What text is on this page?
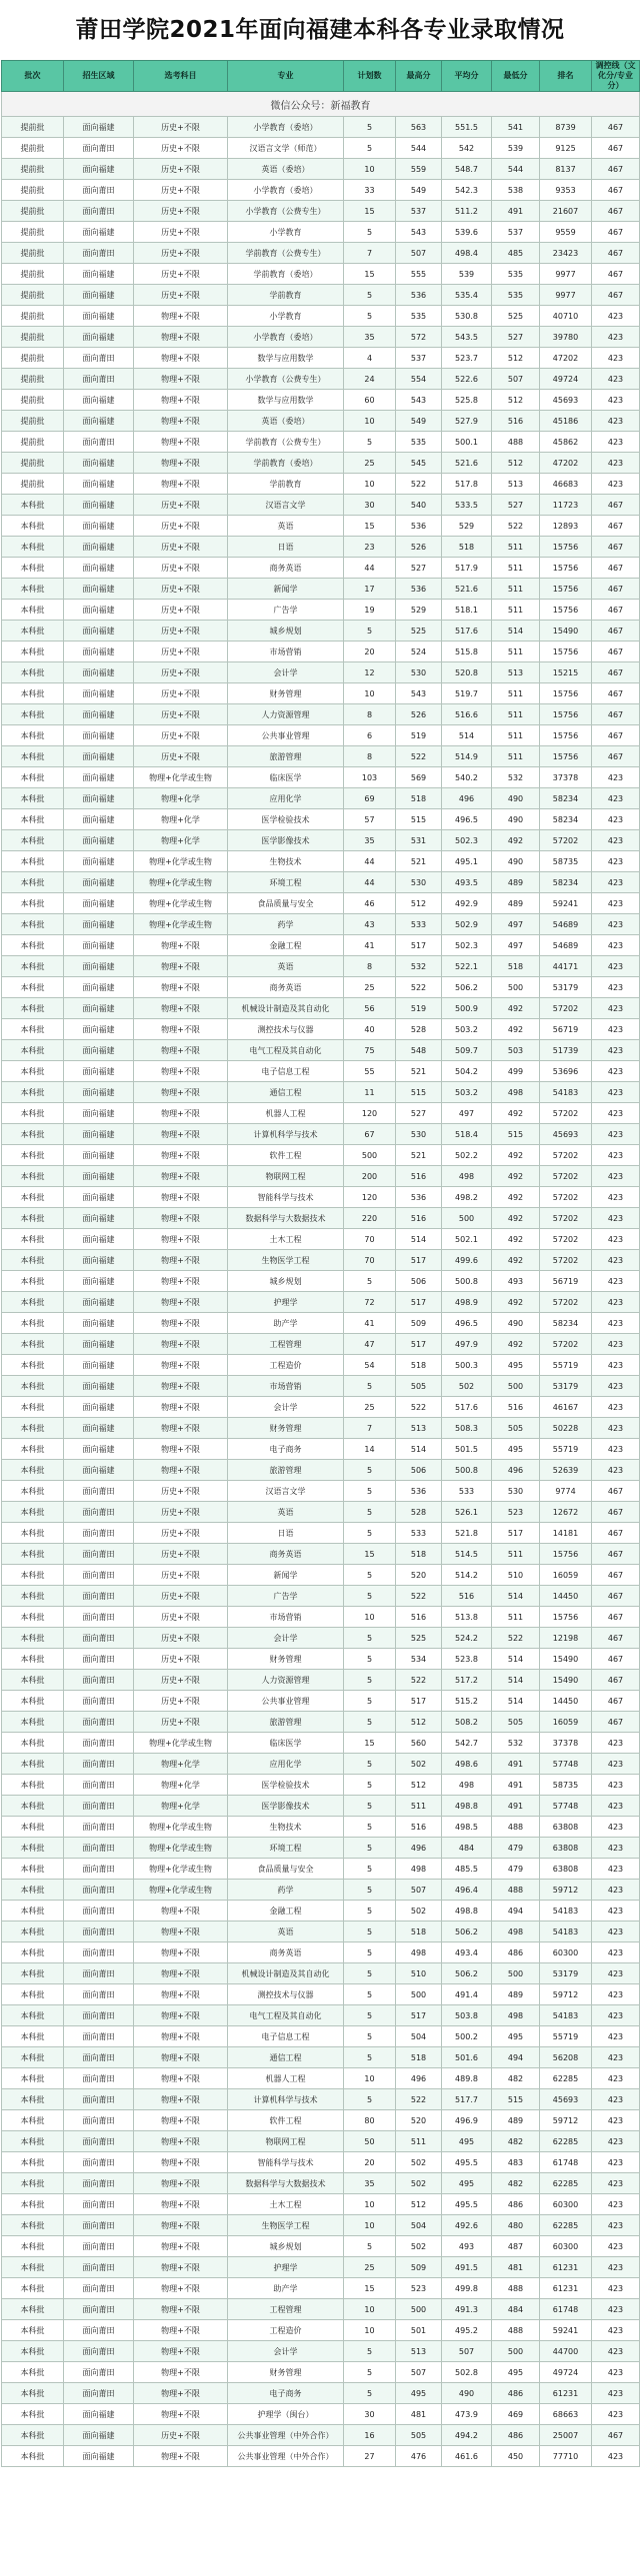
莆田学院2021年面向福建本科各专业录取情况
批次	招生区域	选考科目	专业	计划数	最高分	平均分	最低分	排名	调控线（文化分/专业分）
微信公众号：新福教育									
提前批	面向福建	历史+不限	小学教育（委培）	5	563	551.5	541	8739	467
提前批	面向莆田	历史+不限	汉语言文学（师范）	5	544	542	539	9125	467
提前批	面向福建	历史+不限	英语（委培）	10	559	548.7	544	8137	467
提前批	面向莆田	历史+不限	小学教育（委培）	33	549	542.3	538	9353	467
提前批	面向莆田	历史+不限	小学教育（公费专生）	15	537	511.2	491	21607	467
提前批	面向福建	历史+不限	小学教育	5	543	539.6	537	9559	467
提前批	面向莆田	历史+不限	学前教育（公费专生）	7	507	498.4	485	23423	467
提前批	面向福建	历史+不限	学前教育（委培）	15	555	539	535	9977	467
提前批	面向福建	历史+不限	学前教育	5	536	535.4	535	9977	467
提前批	面向福建	物理+不限	小学教育	5	535	530.8	525	40710	423
提前批	面向福建	物理+不限	小学教育（委培）	35	572	543.5	527	39780	423
提前批	面向莆田	物理+不限	数学与应用数学	4	537	523.7	512	47202	423
提前批	面向莆田	物理+不限	小学教育（公费专生）	24	554	522.6	507	49724	423
提前批	面向福建	物理+不限	数学与应用数学	60	543	525.8	512	45693	423
提前批	面向福建	物理+不限	英语（委培）	10	549	527.9	516	45186	423
提前批	面向莆田	物理+不限	学前教育（公费专生）	5	535	500.1	488	45862	423
提前批	面向福建	物理+不限	学前教育（委培）	25	545	521.6	512	47202	423
提前批	面向福建	物理+不限	学前教育	10	522	517.8	513	46683	423
本科批	面向福建	历史+不限	汉语言文学	30	540	533.5	527	11723	467
本科批	面向福建	历史+不限	英语	15	536	529	522	12893	467
本科批	面向福建	历史+不限	日语	23	526	518	511	15756	467
本科批	面向福建	历史+不限	商务英语	44	527	517.9	511	15756	467
本科批	面向福建	历史+不限	新闻学	17	536	521.6	511	15756	467
本科批	面向福建	历史+不限	广告学	19	529	518.1	511	15756	467
本科批	面向福建	历史+不限	城乡规划	5	525	517.6	514	15490	467
本科批	面向福建	历史+不限	市场营销	20	524	515.8	511	15756	467
本科批	面向福建	历史+不限	会计学	12	530	520.8	513	15215	467
本科批	面向福建	历史+不限	财务管理	10	543	519.7	511	15756	467
本科批	面向福建	历史+不限	人力资源管理	8	526	516.6	511	15756	467
本科批	面向福建	历史+不限	公共事业管理	6	519	514	511	15756	467
本科批	面向福建	历史+不限	旅游管理	8	522	514.9	511	15756	467
本科批	面向福建	物理+化学或生物	临床医学	103	569	540.2	532	37378	423
本科批	面向福建	物理+化学	应用化学	69	518	496	490	58234	423
本科批	面向福建	物理+化学	医学检验技术	57	515	496.5	490	58234	423
本科批	面向福建	物理+化学	医学影像技术	35	531	502.3	492	57202	423
本科批	面向福建	物理+化学或生物	生物技术	44	521	495.1	490	58735	423
本科批	面向福建	物理+化学或生物	环境工程	44	530	493.5	489	58234	423
本科批	面向福建	物理+化学或生物	食品质量与安全	46	512	492.9	489	59241	423
本科批	面向福建	物理+化学或生物	药学	43	533	502.9	497	54689	423
本科批	面向福建	物理+不限	金融工程	41	517	502.3	497	54689	423
本科批	面向福建	物理+不限	英语	8	532	522.1	518	44171	423
本科批	面向福建	物理+不限	商务英语	25	522	506.2	500	53179	423
本科批	面向福建	物理+不限	机械设计制造及其自动化	56	519	500.9	492	57202	423
本科批	面向福建	物理+不限	测控技术与仪器	40	528	503.2	492	56719	423
本科批	面向福建	物理+不限	电气工程及其自动化	75	548	509.7	503	51739	423
本科批	面向福建	物理+不限	电子信息工程	55	521	504.2	499	53696	423
本科批	面向福建	物理+不限	通信工程	11	515	503.2	498	54183	423
本科批	面向福建	物理+不限	机器人工程	120	527	497	492	57202	423
本科批	面向福建	物理+不限	计算机科学与技术	67	530	518.4	515	45693	423
本科批	面向福建	物理+不限	软件工程	500	521	502.2	492	57202	423
本科批	面向福建	物理+不限	物联网工程	200	516	498	492	57202	423
本科批	面向福建	物理+不限	智能科学与技术	120	536	498.2	492	57202	423
本科批	面向福建	物理+不限	数据科学与大数据技术	220	516	500	492	57202	423
本科批	面向福建	物理+不限	土木工程	70	514	502.1	492	57202	423
本科批	面向福建	物理+不限	生物医学工程	70	517	499.6	492	57202	423
本科批	面向福建	物理+不限	城乡规划	5	506	500.8	493	56719	423
本科批	面向福建	物理+不限	护理学	72	517	498.9	492	57202	423
本科批	面向福建	物理+不限	助产学	41	509	496.5	490	58234	423
本科批	面向福建	物理+不限	工程管理	47	517	497.9	492	57202	423
本科批	面向福建	物理+不限	工程造价	54	518	500.3	495	55719	423
本科批	面向福建	物理+不限	市场营销	5	505	502	500	53179	423
本科批	面向福建	物理+不限	会计学	25	522	517.6	516	46167	423
本科批	面向福建	物理+不限	财务管理	7	513	508.3	505	50228	423
本科批	面向福建	物理+不限	电子商务	14	514	501.5	495	55719	423
本科批	面向福建	物理+不限	旅游管理	5	506	500.8	496	52639	423
本科批	面向莆田	历史+不限	汉语言文学	5	536	533	530	9774	467
本科批	面向莆田	历史+不限	英语	5	528	526.1	523	12672	467
本科批	面向莆田	历史+不限	日语	5	533	521.8	517	14181	467
本科批	面向莆田	历史+不限	商务英语	15	518	514.5	511	15756	467
本科批	面向莆田	历史+不限	新闻学	5	520	514.2	510	16059	467
本科批	面向莆田	历史+不限	广告学	5	522	516	514	14450	467
本科批	面向莆田	历史+不限	市场营销	10	516	513.8	511	15756	467
本科批	面向莆田	历史+不限	会计学	5	525	524.2	522	12198	467
本科批	面向莆田	历史+不限	财务管理	5	534	523.8	514	15490	467
本科批	面向莆田	历史+不限	人力资源管理	5	522	517.2	514	15490	467
本科批	面向莆田	历史+不限	公共事业管理	5	517	515.2	514	14450	467
本科批	面向莆田	历史+不限	旅游管理	5	512	508.2	505	16059	467
本科批	面向莆田	物理+化学或生物	临床医学	15	560	542.7	532	37378	423
本科批	面向莆田	物理+化学	应用化学	5	502	498.6	491	57748	423
本科批	面向莆田	物理+化学	医学检验技术	5	512	498	491	58735	423
本科批	面向莆田	物理+化学	医学影像技术	5	511	498.8	491	57748	423
本科批	面向莆田	物理+化学或生物	生物技术	5	516	498.5	488	63808	423
本科批	面向莆田	物理+化学或生物	环境工程	5	496	484	479	63808	423
本科批	面向莆田	物理+化学或生物	食品质量与安全	5	498	485.5	479	63808	423
本科批	面向莆田	物理+化学或生物	药学	5	507	496.4	488	59712	423
本科批	面向莆田	物理+不限	金融工程	5	502	498.8	494	54183	423
本科批	面向莆田	物理+不限	英语	5	518	506.2	498	54183	423
本科批	面向莆田	物理+不限	商务英语	5	498	493.4	486	60300	423
本科批	面向莆田	物理+不限	机械设计制造及其自动化	5	510	506.2	500	53179	423
本科批	面向莆田	物理+不限	测控技术与仪器	5	500	491.4	489	59712	423
本科批	面向莆田	物理+不限	电气工程及其自动化	5	517	503.8	498	54183	423
本科批	面向莆田	物理+不限	电子信息工程	5	504	500.2	495	55719	423
本科批	面向莆田	物理+不限	通信工程	5	518	501.6	494	56208	423
本科批	面向莆田	物理+不限	机器人工程	10	496	489.8	482	62285	423
本科批	面向莆田	物理+不限	计算机科学与技术	5	522	517.7	515	45693	423
本科批	面向莆田	物理+不限	软件工程	80	520	496.9	489	59712	423
本科批	面向莆田	物理+不限	物联网工程	50	511	495	482	62285	423
本科批	面向莆田	物理+不限	智能科学与技术	20	502	495.5	483	61748	423
本科批	面向莆田	物理+不限	数据科学与大数据技术	35	502	495	482	62285	423
本科批	面向莆田	物理+不限	土木工程	10	512	495.5	486	60300	423
本科批	面向莆田	物理+不限	生物医学工程	10	504	492.6	480	62285	423
本科批	面向莆田	物理+不限	城乡规划	5	502	493	487	60300	423
本科批	面向莆田	物理+不限	护理学	25	509	491.5	481	61231	423
本科批	面向莆田	物理+不限	助产学	15	523	499.8	488	61231	423
本科批	面向莆田	物理+不限	工程管理	10	500	491.3	484	61748	423
本科批	面向莆田	物理+不限	工程造价	10	501	495.2	488	59241	423
本科批	面向莆田	物理+不限	会计学	5	513	507	500	44700	423
本科批	面向莆田	物理+不限	财务管理	5	507	502.8	495	49724	423
本科批	面向莆田	物理+不限	电子商务	5	495	490	486	61231	423
本科批	面向福建	物理+不限	护理学（闽台）	30	481	473.9	469	68663	423
本科批	面向福建	历史+不限	公共事业管理（中外合作）	16	505	494.2	486	25007	467
本科批	面向福建	物理+不限	公共事业管理（中外合作）	27	476	461.6	450	77710	423
